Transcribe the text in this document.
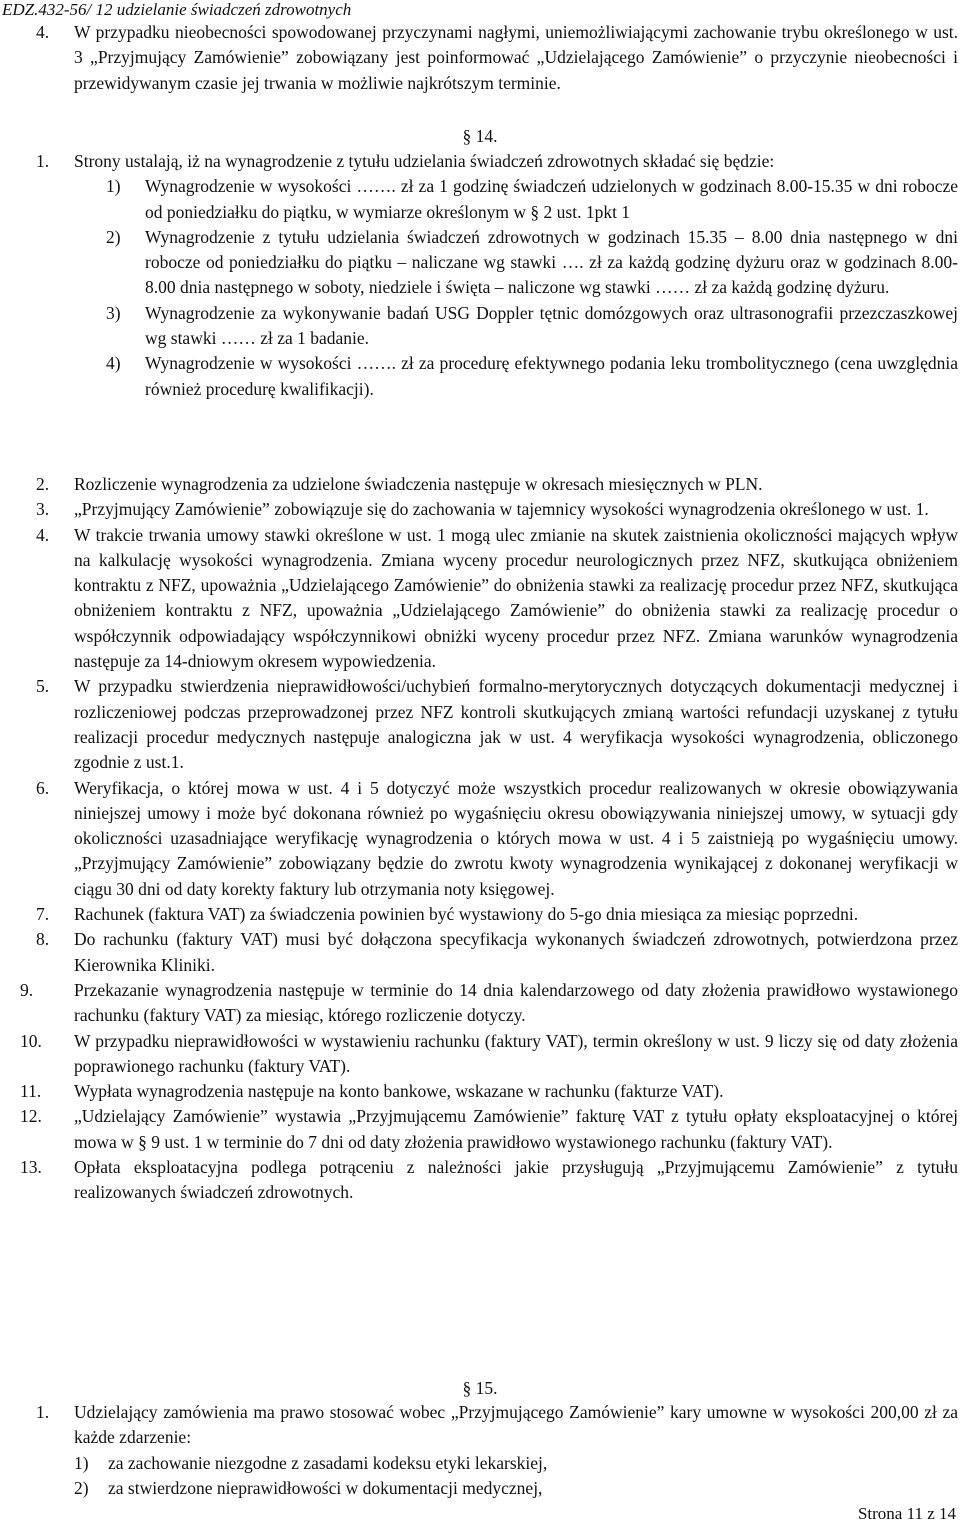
EDZ.432-56/ 12 udzielanie świadczeń zdrowotnych
4. W przypadku nieobecności spowodowanej przyczynami nagłymi, uniemożliwiającymi zachowanie trybu określonego w ust. 3 „Przyjmujący Zamówienie” zobowiązany jest poinformować „Udzielającego Zamówienie” o przyczynie nieobecności i przewidywanym czasie jej trwania w możliwie najkrótszym terminie.
§ 14.
1. Strony ustalają, iż na wynagrodzenie z tytułu udzielania świadczeń zdrowotnych składać się będzie:
1) Wynagrodzenie w wysokości ……. zł za 1 godzinę świadczeń udzielonych w godzinach 8.00-15.35 w dni robocze od poniedziałku do piątku, w wymiarze określonym w § 2 ust. 1pkt 1
2) Wynagrodzenie z tytułu udzielania świadczeń zdrowotnych w godzinach 15.35 – 8.00 dnia następnego w dni robocze od poniedziałku do piątku – naliczane wg stawki …. zł za każdą godzinę dyżuru oraz w godzinach 8.00-8.00 dnia następnego w soboty, niedziele i święta – naliczone wg stawki …… zł za każdą godzinę dyżuru.
3) Wynagrodzenie za wykonywanie badań USG Doppler tętnic domózgowych oraz ultrasonografii przezczaszkowej wg stawki …… zł za 1 badanie.
4) Wynagrodzenie w wysokości ……. zł za procedurę efektywnego podania leku trombolitycznego (cena uwzględnia również procedurę kwalifikacji).
2. Rozliczenie wynagrodzenia za udzielone świadczenia następuje w okresach miesięcznych w PLN.
3. „Przyjmujący Zamówienie” zobowiązuje się do zachowania w tajemnicy wysokości wynagrodzenia określonego w ust. 1.
4. W trakcie trwania umowy stawki określone w ust. 1 mogą ulec zmianie na skutek zaistnienia okoliczności mających wpływ na kalkulację wysokości wynagrodzenia. Zmiana wyceny procedur neurologicznych przez NFZ, skutkująca obniżeniem kontraktu z NFZ, upoważnia „Udzielającego Zamówienie” do obniżenia stawki za realizację procedur przez NFZ, skutkująca obniżeniem kontraktu z NFZ, upoważnia „Udzielającego Zamówienie” do obniżenia stawki za realizację procedur o współczynnik odpowiadający współczynnikowi obniżki wyceny procedur przez NFZ. Zmiana warunków wynagrodzenia następuje za 14-dniowym okresem wypowiedzenia.
5. W przypadku stwierdzenia nieprawidłowości/uchybień formalno-merytorycznych dotyczących dokumentacji medycznej i rozliczeniowej podczas przeprowadzonej przez NFZ kontroli skutkujących zmianą wartości refundacji uzyskanej z tytułu realizacji procedur medycznych następuje analogiczna jak w ust. 4 weryfikacja wysokości wynagrodzenia, obliczonego zgodnie z ust.1.
6. Weryfikacja, o której mowa w ust. 4 i 5 dotyczyć może wszystkich procedur realizowanych w okresie obowiązywania niniejszej umowy i może być dokonana również po wygaśnięciu okresu obowiązywania niniejszej umowy, w sytuacji gdy okoliczności uzasadniające weryfikację wynagrodzenia o których mowa w ust. 4 i 5 zaistnieją po wygaśnięciu umowy. „Przyjmujący Zamówienie” zobowiązany będzie do zwrotu kwoty wynagrodzenia wynikającej z dokonanej weryfikacji w ciągu 30 dni od daty korekty faktury lub otrzymania noty księgowej.
7. Rachunek (faktura VAT) za świadczenia powinien być wystawiony do 5-go dnia miesiąca za miesiąc poprzedni.
8. Do rachunku (faktury VAT) musi być dołączona specyfikacja wykonanych świadczeń zdrowotnych, potwierdzona przez Kierownika Kliniki.
9. Przekazanie wynagrodzenia następuje w terminie do 14 dnia kalendarzowego od daty złożenia prawidłowo wystawionego rachunku (faktury VAT) za miesiąc, którego rozliczenie dotyczy.
10. W przypadku nieprawidłowości w wystawieniu rachunku (faktury VAT), termin określony w ust. 9 liczy się od daty złożenia poprawionego rachunku (faktury VAT).
11. Wypłata wynagrodzenia następuje na konto bankowe, wskazane w rachunku (fakturze VAT).
12. „Udzielający Zamówienie” wystawia „Przyjmującemu Zamówienie” fakturę VAT z tytułu opłaty eksploatacyjnej o której mowa w § 9 ust. 1 w terminie do 7 dni od daty złożenia prawidłowo wystawionego rachunku (faktury VAT).
13. Opłata eksploatacyjna podlega potrąceniu z należności jakie przysługują „Przyjmującemu Zamówienie” z tytułu realizowanych świadczeń zdrowotnych.
§ 15.
1. Udzielający zamówienia ma prawo stosować wobec „Przyjmującego Zamówienie” kary umowne w wysokości 200,00 zł za każde zdarzenie:
1) za zachowanie niezgodne z zasadami kodeksu etyki lekarskiej,
2) za stwierdzone nieprawidłowości w dokumentacji medycznej,
Strona 11 z 14
